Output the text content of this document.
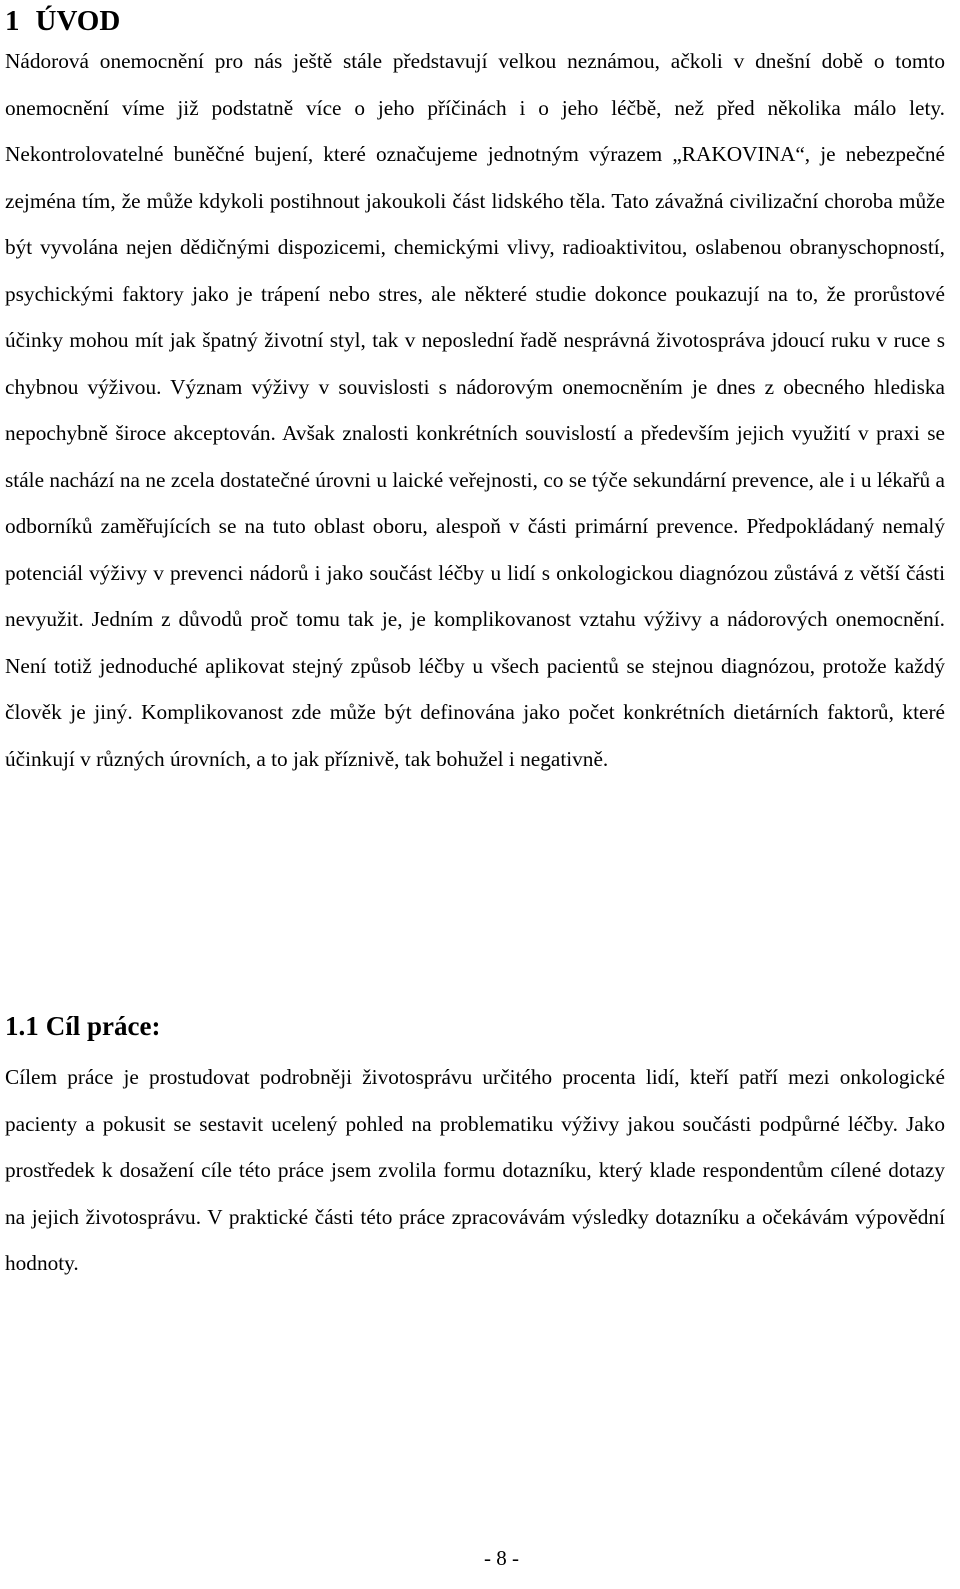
1 ÚVOD

Nádorová onemocnění pro nás ještě stále představují velkou neznámou, ačkoli v dnešní době o tomto onemocnění víme již podstatně více o jeho příčinách i o jeho léčbě, než před několika málo lety. Nekontrolovatelné buněčné bujení, které označujeme jednotným výrazem „RAKOVINA“, je nebezpečné zejména tím, že může kdykoli postihnout jakoukoli část lidského těla. Tato závažná civilizační choroba může být vyvolána nejen dědičnými dispozicemi, chemickými vlivy, radioaktivitou, oslabenou obranyschopností, psychickými faktory jako je trápení nebo stres, ale některé studie dokonce poukazují na to, že prorůstové účinky mohou mít jak špatný životní styl, tak v neposlední řadě nesprávná životospráva jdoucí ruku v ruce s chybnou výživou. Význam výživy v souvislosti s nádorovým onemocněním je dnes z obecného hlediska nepochybně široce akceptován. Avšak znalosti konkrétních souvislostí a především jejich využití v praxi se stále nachází na ne zcela dostatečné úrovni u laické veřejnosti, co se týče sekundární prevence, ale i u lékařů a odborníků zaměřujících se na tuto oblast oboru, alespoň v části primární prevence. Předpokládaný nemalý potenciál výživy v prevenci nádorů i jako součást léčby u lidí s onkologickou diagnózou zůstává z větší části nevyužit. Jedním z důvodů proč tomu tak je, je komplikovanost vztahu výživy a nádorových onemocnění. Není totiž jednoduché aplikovat stejný způsob léčby u všech pacientů se stejnou diagnózou, protože každý člověk je jiný. Komplikovanost zde může být definována jako počet konkrétních dietárních faktorů, které účinkují v různých úrovních, a to jak příznivě, tak bohužel i negativně.

1.1 Cíl práce:

Cílem práce je prostudovat podrobněji životosprávu určitého procenta lidí, kteří patří mezi onkologické pacienty a pokusit se sestavit ucelený pohled na problematiku výživy jakou součásti podpůrné léčby. Jako prostředek k dosažení cíle této práce jsem zvolila formu dotazníku, který klade respondentům cílené dotazy na jejich životosprávu. V praktické části této práce zpracovávám výsledky dotazníku a očekávám výpovědní hodnoty.

- 8 -
